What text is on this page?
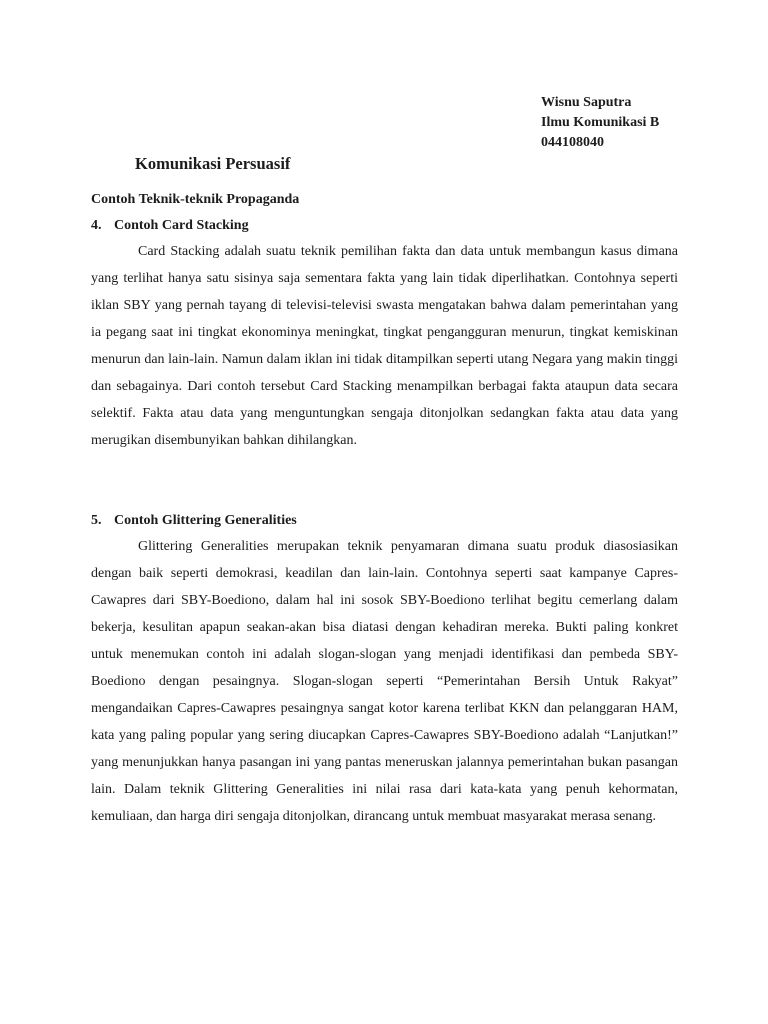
Wisnu Saputra
Ilmu Komunikasi B
044108040
Komunikasi Persuasif
Contoh Teknik-teknik Propaganda
4. Contoh Card Stacking

Card Stacking adalah suatu teknik pemilihan fakta dan data untuk membangun kasus dimana yang terlihat hanya satu sisinya saja sementara fakta yang lain tidak diperlihatkan. Contohnya seperti iklan SBY yang pernah tayang di televisi-televisi swasta mengatakan bahwa dalam pemerintahan yang ia pegang saat ini tingkat ekonominya meningkat, tingkat pengangguran menurun, tingkat kemiskinan menurun dan lain-lain. Namun dalam iklan ini tidak ditampilkan seperti utang Negara yang makin tinggi dan sebagainya. Dari contoh tersebut Card Stacking menampilkan berbagai fakta ataupun data secara selektif. Fakta atau data yang menguntungkan sengaja ditonjolkan sedangkan fakta atau data yang merugikan disembunyikan bahkan dihilangkan.

5. Contoh Glittering Generalities

Glittering Generalities merupakan teknik penyamaran dimana suatu produk diasosiasikan dengan baik seperti demokrasi, keadilan dan lain-lain. Contohnya seperti saat kampanye Capres-Cawapres dari SBY-Boediono, dalam hal ini sosok SBY-Boediono terlihat begitu cemerlang dalam bekerja, kesulitan apapun seakan-akan bisa diatasi dengan kehadiran mereka. Bukti paling konkret untuk menemukan contoh ini adalah slogan-slogan yang menjadi identifikasi dan pembeda SBY-Boediono dengan pesaingnya. Slogan-slogan seperti “Pemerintahan Bersih Untuk Rakyat” mengandaikan Capres-Cawapres pesaingnya sangat kotor karena terlibat KKN dan pelanggaran HAM, kata yang paling popular yang sering diucapkan Capres-Cawapres SBY-Boediono adalah “Lanjutkan!” yang menunjukkan hanya pasangan ini yang pantas meneruskan jalannya pemerintahan bukan pasangan lain. Dalam teknik Glittering Generalities ini nilai rasa dari kata-kata yang penuh kehormatan, kemuliaan, dan harga diri sengaja ditonjolkan, dirancang untuk membuat masyarakat merasa senang.
